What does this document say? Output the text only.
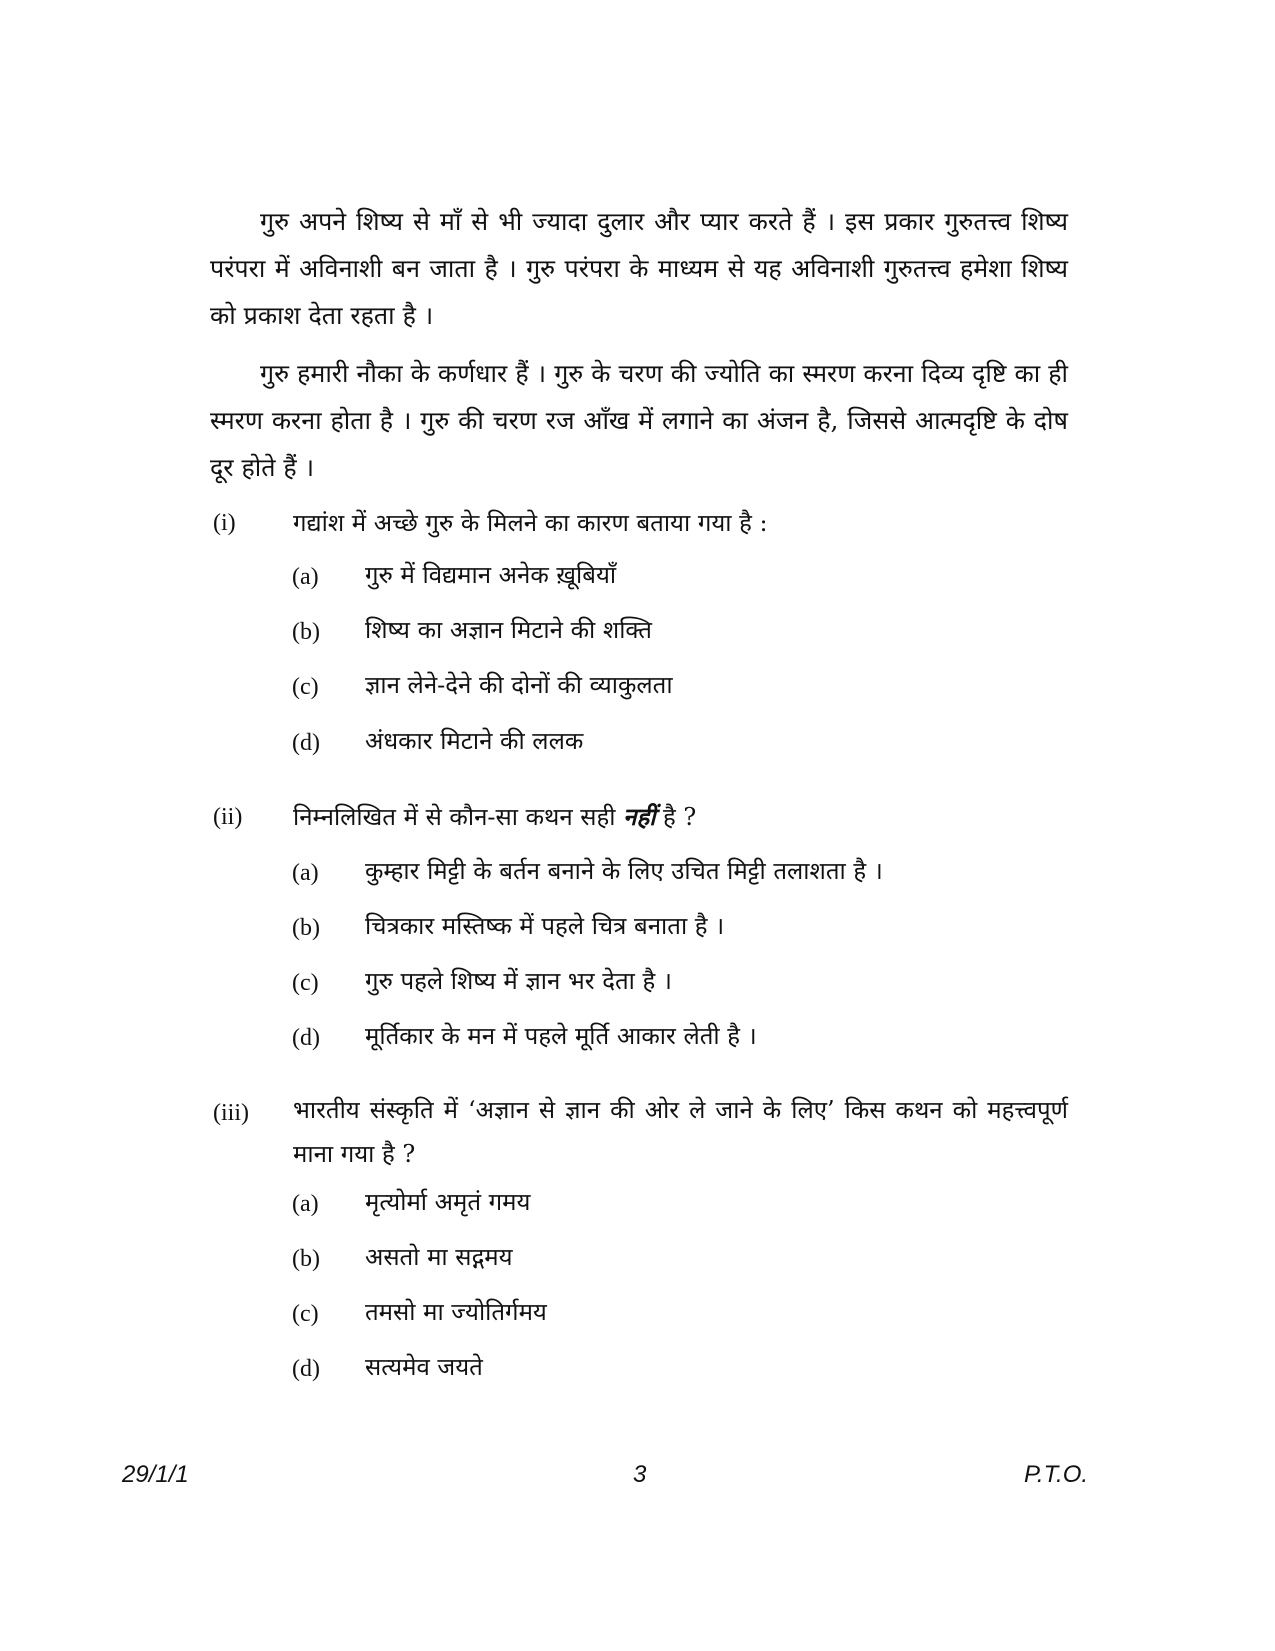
गुरु अपने शिष्य से माँ से भी ज्यादा दुलार और प्यार करते हैं । इस प्रकार गुरुतत्त्व शिष्य परंपरा में अविनाशी बन जाता है । गुरु परंपरा के माध्यम से यह अविनाशी गुरुतत्त्व हमेशा शिष्य को प्रकाश देता रहता है ।

गुरु हमारी नौका के कर्णधार हैं । गुरु के चरण की ज्योति का स्मरण करना दिव्य दृष्टि का ही स्मरण करना होता है । गुरु की चरण रज आँख में लगाने का अंजन है, जिससे आत्मदृष्टि के दोष दूर होते हैं ।

(i) गद्यांश में अच्छे गुरु के मिलने का कारण बताया गया है :

(a) गुरु में विद्यमान अनेक ख़ूबियाँ
(b) शिष्य का अज्ञान मिटाने की शक्ति
(c) ज्ञान लेने-देने की दोनों की व्याकुलता
(d) अंधकार मिटाने की ललक
(ii) निम्नलिखित में से कौन-सा कथन सही नहीं है ?

(a) कुम्हार मिट्टी के बर्तन बनाने के लिए उचित मिट्टी तलाशता है ।
(b) चित्रकार मस्तिष्क में पहले चित्र बनाता है ।
(c) गुरु पहले शिष्य में ज्ञान भर देता है ।
(d) मूर्तिकार के मन में पहले मूर्ति आकार लेती है ।
(iii) भारतीय संस्कृति में ‘अज्ञान से ज्ञान की ओर ले जाने के लिए’ किस कथन को महत्त्वपूर्ण माना गया है ?

(a) मृत्योर्मा अमृतं गमय
(b) असतो मा सद्गमय
(c) तमसो मा ज्योतिर्गमय
(d) सत्यमेव जयते
29/1/1	3	P.T.O.
